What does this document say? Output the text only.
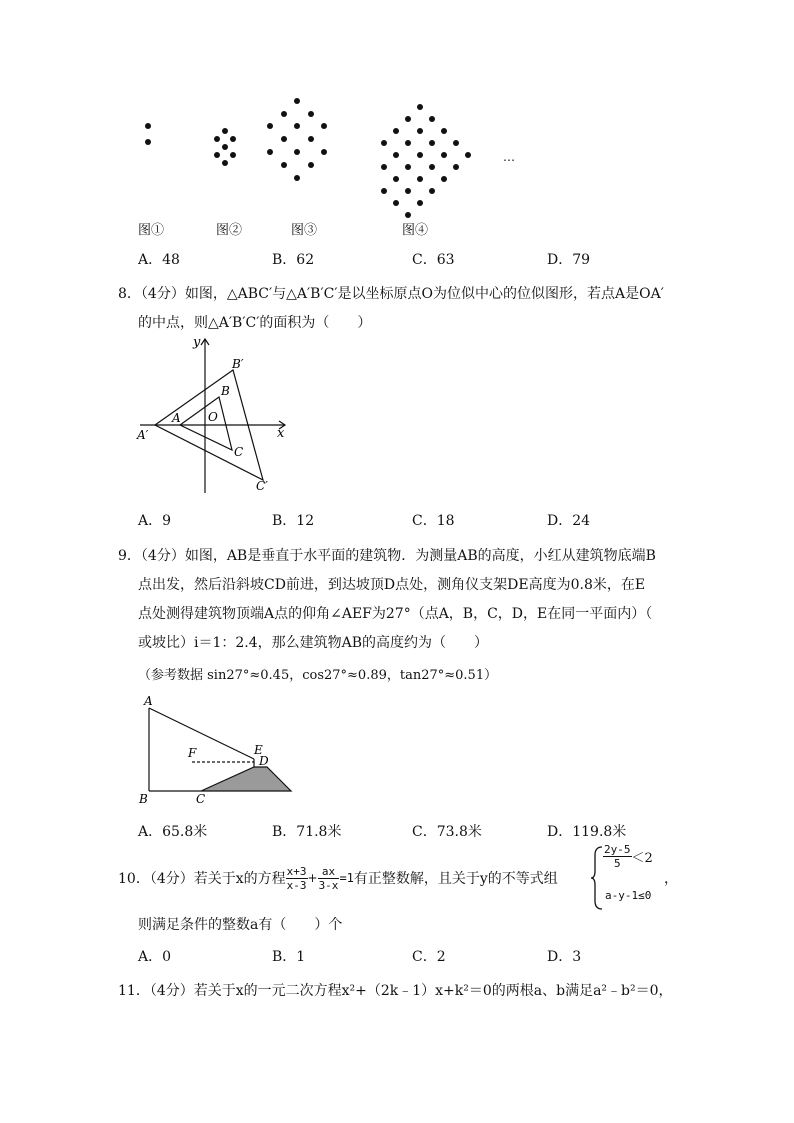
…
图①	图②	图③	图④
A．48	B．62	C．63	D．79
8．（4分）如图，△ABC′与△A′B′C′是以坐标原点O为位似中心的位似图形，若点A是OA′
的中点，则△A′B′C′的面积为（　　）
y
x
B′
B
A O
A′
C
C′
A．9	B．12	C．18	D．24
9．（4分）如图，AB是垂直于水平面的建筑物．为测量AB的高度，小红从建筑物底端B
点出发，然后沿斜坡CD前进，到达坡顶D点处，测角仪支架DE高度为0.8米，在E
点处测得建筑物顶端A点的仰角∠AEF为27°（点A，B，C，D，E在同一平面内）（
或坡比）i＝1：2.4，那么建筑物AB的高度约为（　　）
（参考数据 sin27°≈0.45，cos27°≈0.89，tan27°≈0.51）
A
F	E
D
B	C
A．65.8米	B．71.8米	C．73.8米	D．119.8米
10．（4分）若关于x的方程 $\frac{x+3}{x-3} + \frac{ax}{3-x} =1$ 有正整数解，且关于y的不等式组
$\frac{2y-5}{5} <2$
a-y-1≤0
，
则满足条件的整数a有（　　）个
A．0	B．1	C．2	D．3
11．（4分）若关于x的一元二次方程x²+（2k﹣1）x+k²＝0的两根a、b满足a²﹣b²＝0，
